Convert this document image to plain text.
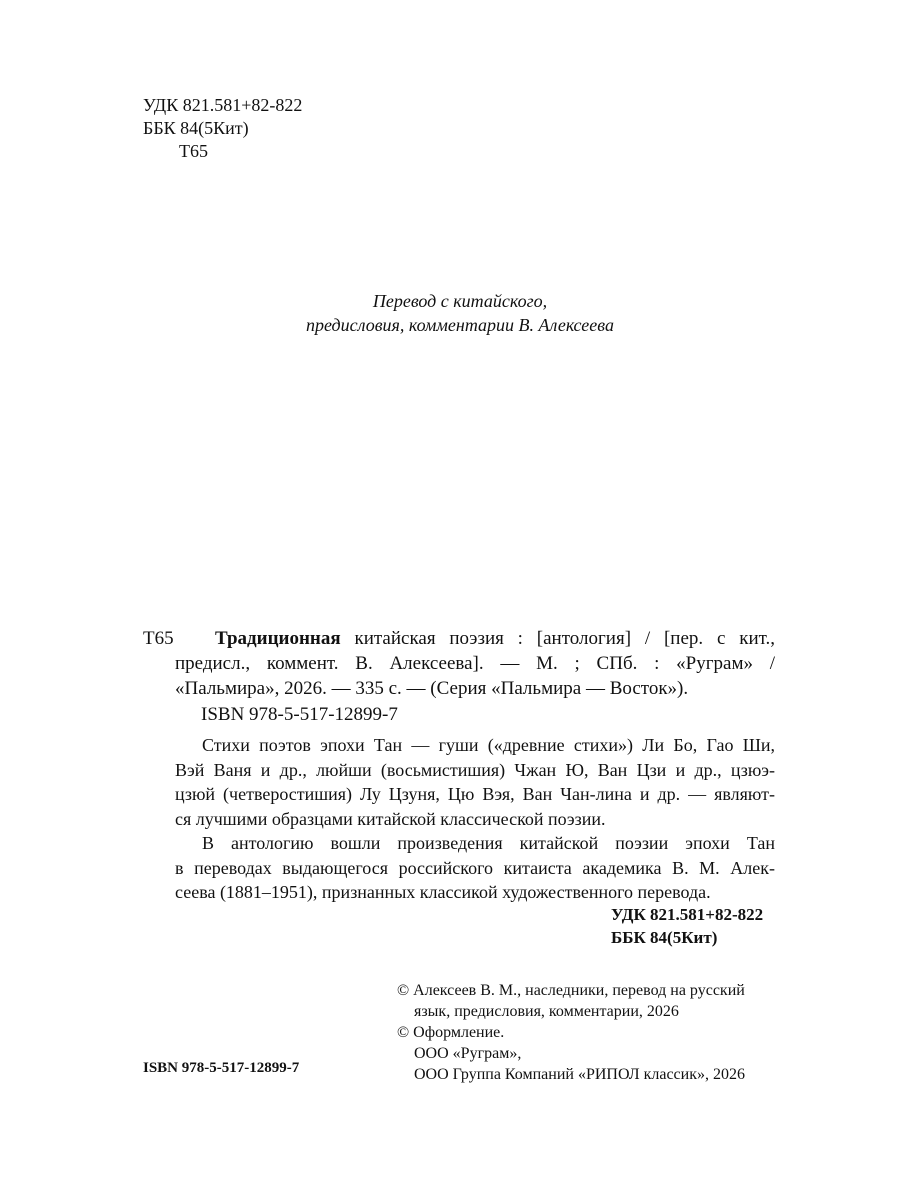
УДК 821.581+82-822
ББК 84(5Кит)
Т65
Перевод с китайского,
предисловия, комментарии В. Алексеева
Т65	Традиционная китайская поэзия : [антология] / [пер. с кит.,
предисл., коммент. В. Алексеева]. — М. ; СПб. : «Руграм» /
«Пальмира», 2026. — 335 с. — (Серия «Пальмира — Восток»).
ISBN 978-5-517-12899-7
Стихи поэтов эпохи Тан — гуши («древние стихи») Ли Бо, Гао Ши,
Вэй Ваня и др., люйши (восьмистишия) Чжан Ю, Ван Цзи и др., цзюэ-
цзюй (четверостишия) Лу Цзуня, Цю Вэя, Ван Чан-лина и др. — являют-
ся лучшими образцами китайской классической поэзии.
В антологию вошли произведения китайской поэзии эпохи Тан
в переводах выдающегося российского китаиста академика В. М. Алек-
сеева (1881–1951), признанных классикой художественного перевода.
УДК 821.581+82-822
ББК 84(5Кит)
© Алексеев В. М., наследники, перевод на русский
язык, предисловия, комментарии, 2026
© Оформление.
ООО «Руграм»,
ООО Группа Компаний «РИПОЛ классик», 2026
ISBN 978-5-517-12899-7
